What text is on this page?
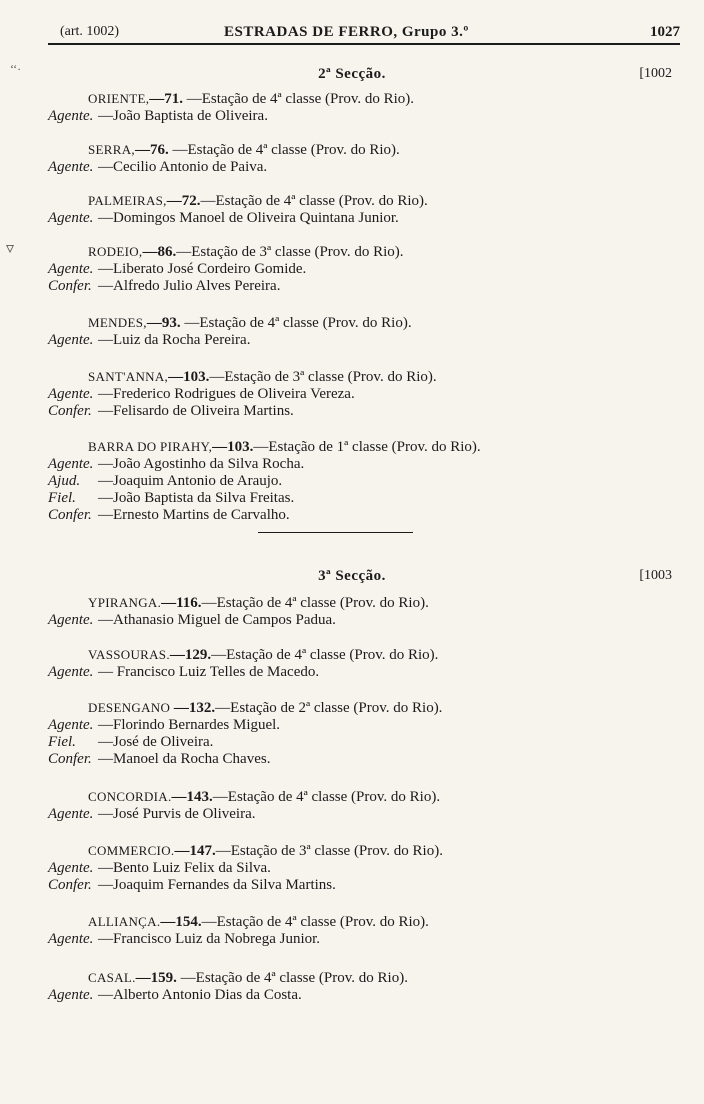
(art. 1002)	ESTRADAS DE FERRO, Grupo 3.º	1027
‘‘·
▿
2ª Secção.	[1002
ORIENTE,—71. —Estação de 4ª classe (Prov. do Rio).
Agente. —João Baptista de Oliveira.
SERRA,—76. —Estação de 4ª classe (Prov. do Rio).
Agente. —Cecilio Antonio de Paiva.
PALMEIRAS,—72.—Estação de 4ª classe (Prov. do Rio).
Agente. —Domingos Manoel de Oliveira Quintana Junior.
RODEIO,—86.—Estação de 3ª classe (Prov. do Rio).
Agente. —Liberato José Cordeiro Gomide.
Confer. —Alfredo Julio Alves Pereira.
MENDES,—93. —Estação de 4ª classe (Prov. do Rio).
Agente. —Luiz da Rocha Pereira.
SANT'ANNA,—103.—Estação de 3ª classe (Prov. do Rio).
Agente. —Frederico Rodrigues de Oliveira Vereza.
Confer. —Felisardo de Oliveira Martins.
BARRA DO PIRAHY,—103.—Estação de 1ª classe (Prov. do Rio).
Agente. —João Agostinho da Silva Rocha.
Ajud. —Joaquim Antonio de Araujo.
Fiel. —João Baptista da Silva Freitas.
Confer. —Ernesto Martins de Carvalho.
3ª Secção.	[1003
YPIRANGA.—116.—Estação de 4ª classe (Prov. do Rio).
Agente. —Athanasio Miguel de Campos Padua.
VASSOURAS.—129.—Estação de 4ª classe (Prov. do Rio).
Agente. — Francisco Luiz Telles de Macedo.
DESENGANO —132.—Estação de 2ª classe (Prov. do Rio).
Agente. —Florindo Bernardes Miguel.
Fiel. —José de Oliveira.
Confer. —Manoel da Rocha Chaves.
CONCORDIA.—143.—Estação de 4ª classe (Prov. do Rio).
Agente. —José Purvis de Oliveira.
COMMERCIO.—147.—Estação de 3ª classe (Prov. do Rio).
Agente. —Bento Luiz Felix da Silva.
Confer. —Joaquim Fernandes da Silva Martins.
ALLIANÇA.—154.—Estação de 4ª classe (Prov. do Rio).
Agente. —Francisco Luiz da Nobrega Junior.
CASAL.—159. —Estação de 4ª classe (Prov. do Rio).
Agente. —Alberto Antonio Dias da Costa.
